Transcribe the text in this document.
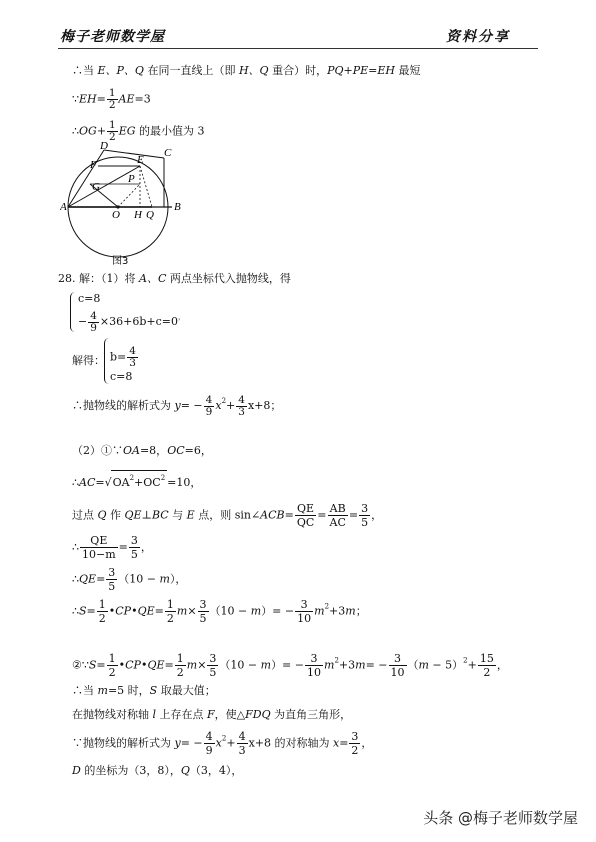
梅子老师数学屋	资料分享
∴当 E、P、Q 在同一直线上（即 H、Q 重合）时，PQ+PE=EH 最短
∵EH= $\frac{1}{2} AE=3$
∴OG+ $\frac{1}{2}$ EG 的最小值为 3
A	B
C
D
E
F
G
P
O H Q
图3
28. 解：（1）将 A、C 两点坐标代入抛物线，得
c=8
− $\frac{4}{9} \times 36+6b+c=0^,$
解得： $b= \frac{4}{3}$
c=8
∴抛物线的解析式为 $y= - \frac{4}{9} x^2+ \frac{4}{3} x+8$；
（2）①∵OA=8，OC=6，
$\therefore AC=√OA^2+OC^2 =10$，
过点 Q 作 QE⊥BC 与 E 点，则 sin∠ACB= $\frac{QE}{QC} = \frac{AB}{AC} = \frac{3}{5}$ ，
∴ $\frac{QE}{10-m} = \frac{3}{5}$ ，
∴QE= $\frac{3}{5} (10 - m)$，
∴S= $\frac{1}{2}$ •CP•QE= $\frac{1}{2} m\times \frac{3}{5} (10 - m)= - \frac{3}{10} m^2+3m$；
②∵S= $\frac{1}{2}$ •CP•QE= $\frac{1}{2} m\times \frac{3}{5} (10 - m)= - \frac{3}{10} m^2+3m= - \frac{3}{10} (m - 5)^2+ \frac{15}{2}$ ，
∴当 m=5 时，S 取最大值；
在抛物线对称轴 l 上存在点 F，使△FDQ 为直角三角形，
∵抛物线的解析式为 $y= - \frac{4}{9} x^2+ \frac{4}{3} x+8$ 的对称轴为 $x= \frac{3}{2}$ ，
D 的坐标为（3，8），Q（3，4），
头条 @梅子老师数学屋
